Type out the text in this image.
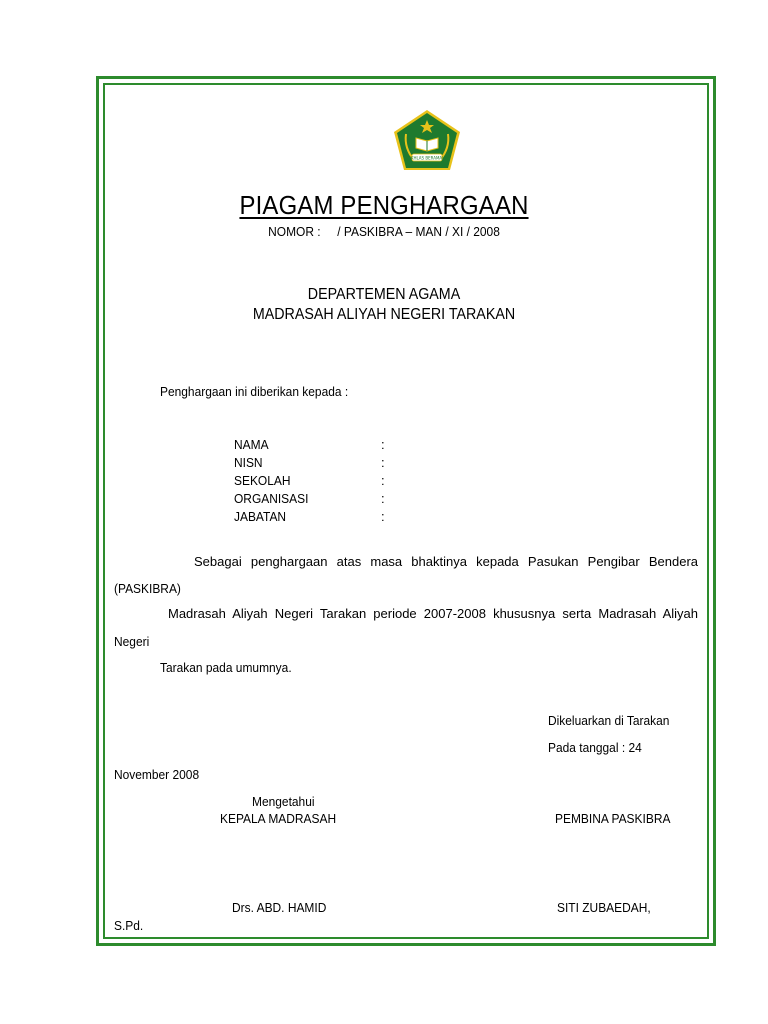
IKHLAS BERAMAL
PIAGAM PENGHARGAAN
NOMOR :     / PASKIBRA – MAN / XI / 2008
DEPARTEMEN AGAMA
MADRASAH ALIYAH NEGERI TARAKAN
Penghargaan ini diberikan kepada :
NAMA	:
NISN	:
SEKOLAH	:
ORGANISASI	:
JABATAN	:
Sebagai penghargaan atas masa bhaktinya kepada Pasukan Pengibar Bendera
(PASKIBRA)
Madrasah Aliyah Negeri Tarakan periode 2007-2008 khususnya serta Madrasah Aliyah
Negeri
Tarakan pada umumnya.
Dikeluarkan di Tarakan
Pada tanggal : 24
November 2008
Mengetahui
KEPALA MADRASAH	PEMBINA PASKIBRA
Drs. ABD. HAMID	SITI ZUBAEDAH,
S.Pd.
